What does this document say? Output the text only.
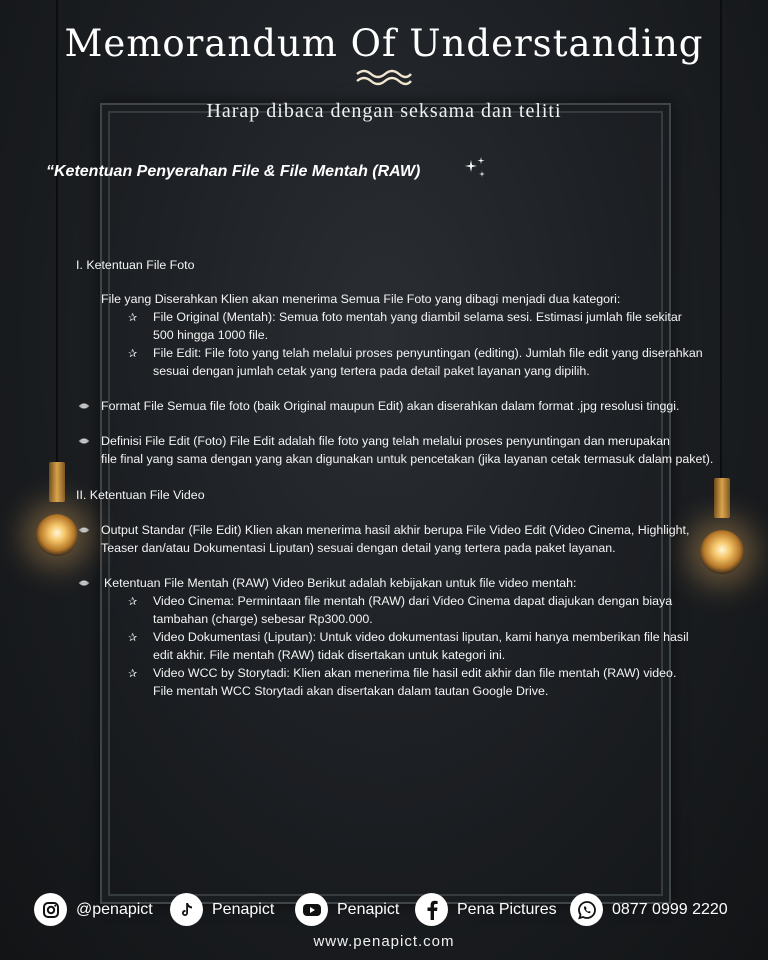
Memorandum Of Understanding
Harap dibaca dengan seksama dan teliti
“Ketentuan Penyerahan File & File Mentah (RAW)
I. Ketentuan File Foto
File yang Diserahkan Klien akan menerima Semua File Foto yang dibagi menjadi dua kategori:
✰ File Original (Mentah): Semua foto mentah yang diambil selama sesi. Estimasi jumlah file sekitar
500 hingga 1000 file.
✰ File Edit: File foto yang telah melalui proses penyuntingan (editing). Jumlah file edit yang diserahkan
sesuai dengan jumlah cetak yang tertera pada detail paket layanan yang dipilih.
Format File Semua file foto (baik Original maupun Edit) akan diserahkan dalam format .jpg resolusi tinggi.
Definisi File Edit (Foto) File Edit adalah file foto yang telah melalui proses penyuntingan dan merupakan
file final yang sama dengan yang akan digunakan untuk pencetakan (jika layanan cetak termasuk dalam paket).
II. Ketentuan File Video
Output Standar (File Edit) Klien akan menerima hasil akhir berupa File Video Edit (Video Cinema, Highlight,
Teaser dan/atau Dokumentasi Liputan) sesuai dengan detail yang tertera pada paket layanan.
Ketentuan File Mentah (RAW) Video Berikut adalah kebijakan untuk file video mentah:
✰ Video Cinema: Permintaan file mentah (RAW) dari Video Cinema dapat diajukan dengan biaya
tambahan (charge) sebesar Rp300.000.
✰ Video Dokumentasi (Liputan): Untuk video dokumentasi liputan, kami hanya memberikan file hasil
edit akhir. File mentah (RAW) tidak disertakan untuk kategori ini.
✰ Video WCC by Storytadi: Klien akan menerima file hasil edit akhir dan file mentah (RAW) video.
File mentah WCC Storytadi akan disertakan dalam tautan Google Drive.
@penapict	Penapict	Penapict	Pena Pictures	0877 0999 2220
www.penapict.com
